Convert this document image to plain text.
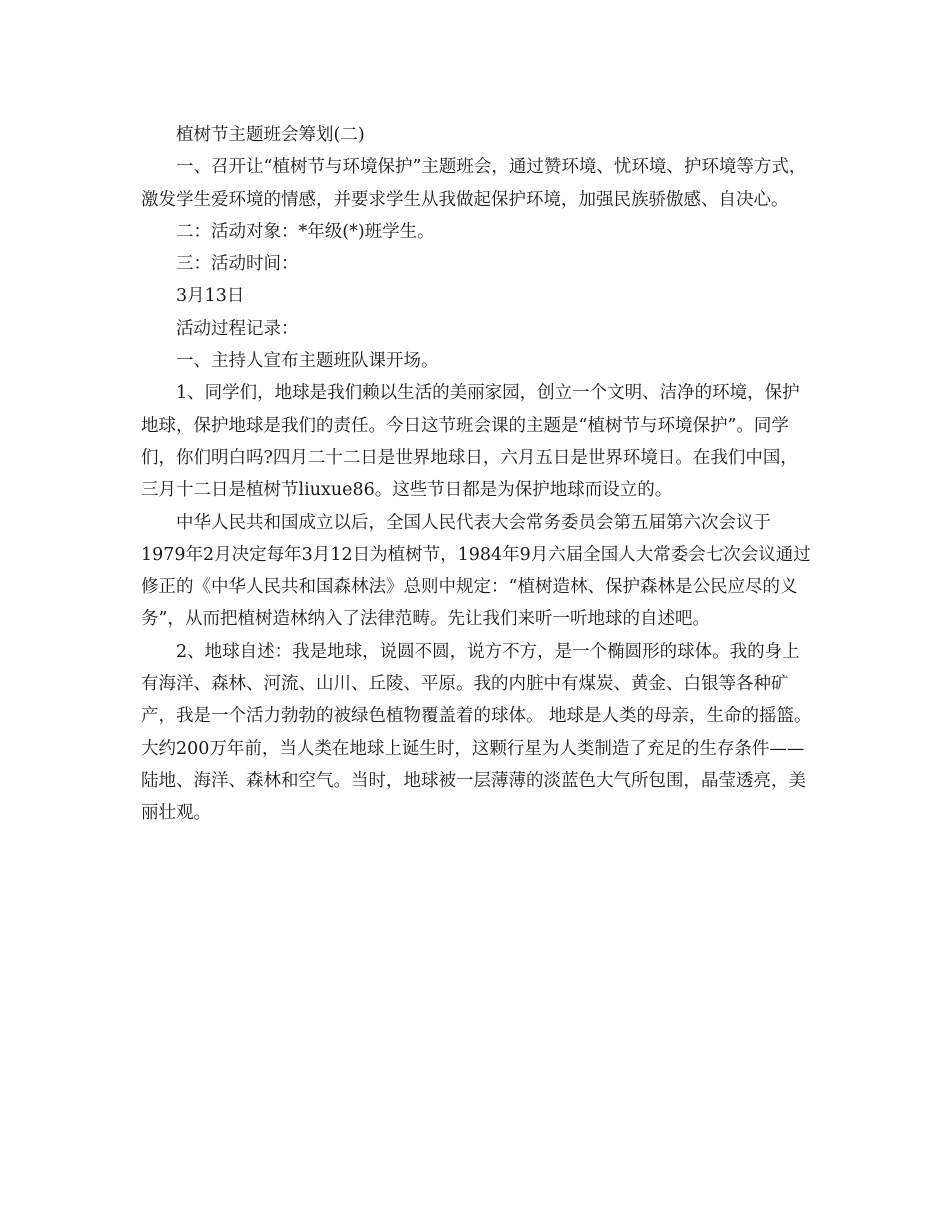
植树节主题班会筹划(二)

一、召开让“植树节与环境保护”主题班会，通过赞环境、忧环境、护环境等方式，激发学生爱环境的情感，并要求学生从我做起保护环境，加强民族骄傲感、自决心。

二：活动对象：*年级(*)班学生。

三：活动时间：

3月13日

活动过程记录：

一、主持人宣布主题班队课开场。

1、同学们，地球是我们赖以生活的美丽家园，创立一个文明、洁净的环境，保护地球，保护地球是我们的责任。今日这节班会课的主题是“植树节与环境保护”。同学们，你们明白吗?四月二十二日是世界地球日，六月五日是世界环境日。在我们中国，三月十二日是植树节liuxue86。这些节日都是为保护地球而设立的。

中华人民共和国成立以后，全国人民代表大会常务委员会第五届第六次会议于1979年2月决定每年3月12日为植树节，1984年9月六届全国人大常委会七次会议通过修正的《中华人民共和国森林法》总则中规定：“植树造林、保护森林是公民应尽的义务”，从而把植树造林纳入了法律范畴。先让我们来听一听地球的自述吧。

2、地球自述：我是地球，说圆不圆，说方不方，是一个椭圆形的球体。我的身上有海洋、森林、河流、山川、丘陵、平原。我的内脏中有煤炭、黄金、白银等各种矿产，我是一个活力勃勃的被绿色植物覆盖着的球体。 地球是人类的母亲，生命的摇篮。大约200万年前，当人类在地球上诞生时，这颗行星为人类制造了充足的生存条件——陆地、海洋、森林和空气。当时，地球被一层薄薄的淡蓝色大气所包围，晶莹透亮，美丽壮观。
